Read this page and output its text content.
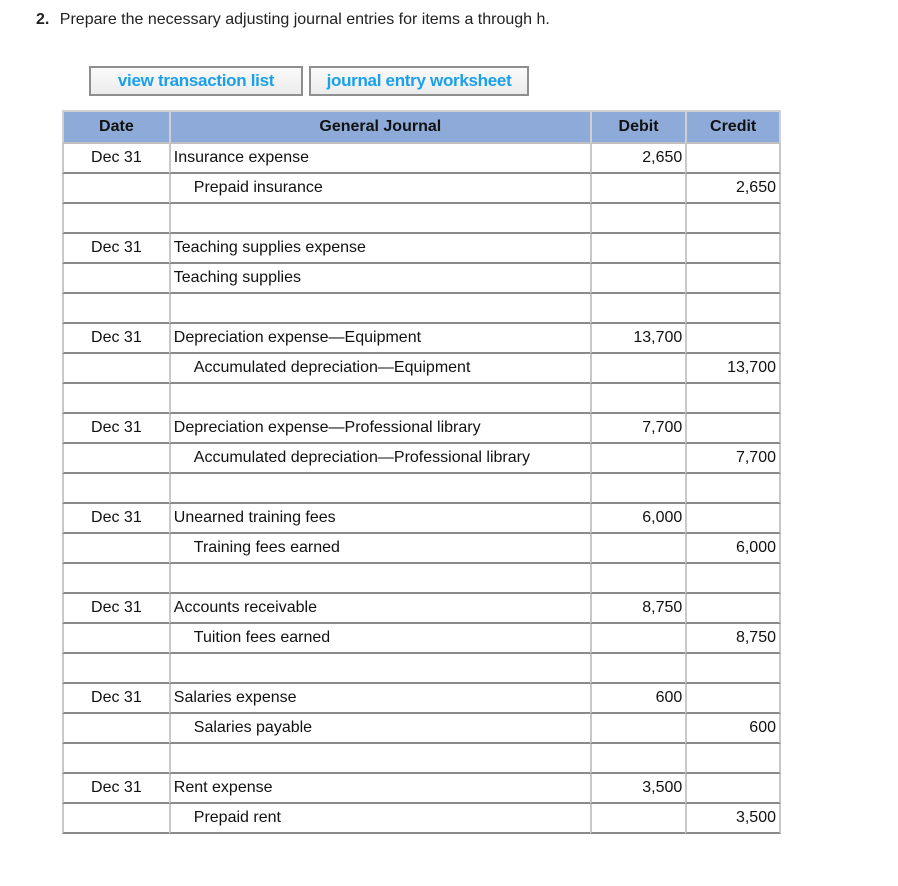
2. Prepare the necessary adjusting journal entries for items a through h.
view transaction list	journal entry worksheet
Date	General Journal	Debit	Credit
Dec 31	Insurance expense	2,650	
	Prepaid insurance		2,650

Dec 31	Teaching supplies expense		
	Teaching supplies		

Dec 31	Depreciation expense—Equipment	13,700	
	Accumulated depreciation—Equipment		13,700

Dec 31	Depreciation expense—Professional library	7,700	
	Accumulated depreciation—Professional library		7,700

Dec 31	Unearned training fees	6,000	
	Training fees earned		6,000

Dec 31	Accounts receivable	8,750	
	Tuition fees earned		8,750

Dec 31	Salaries expense	600	
	Salaries payable		600

Dec 31	Rent expense	3,500	
	Prepaid rent		3,500
